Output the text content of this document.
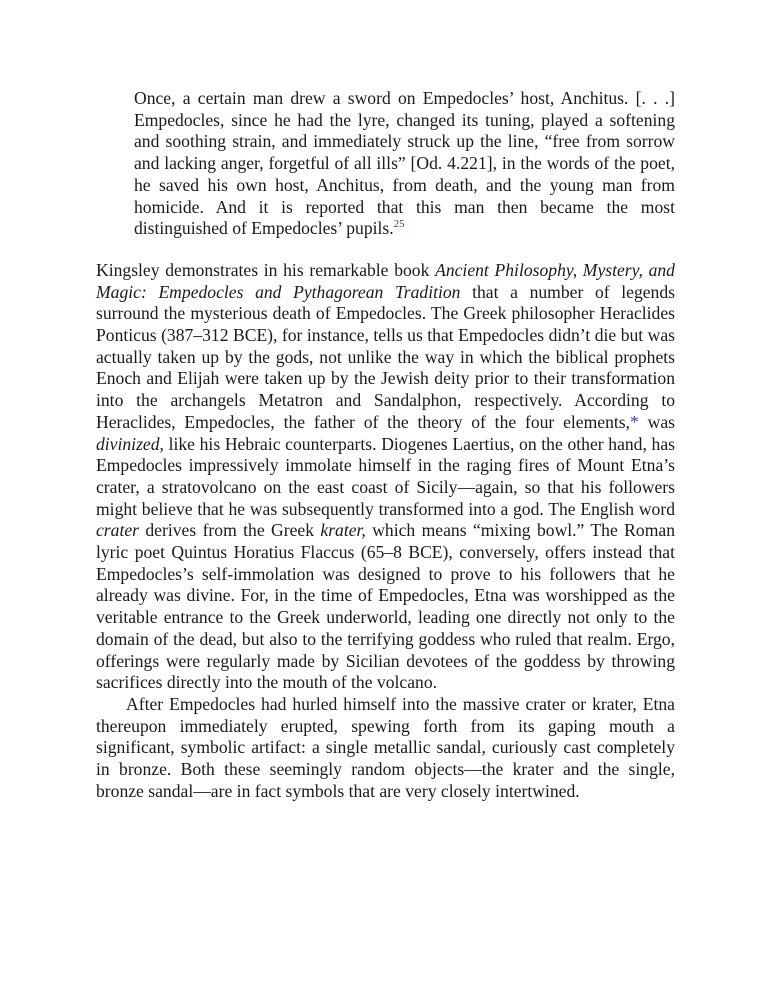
Once, a certain man drew a sword on Empedocles’ host, Anchitus. [. . .] Empedocles, since he had the lyre, changed its tuning, played a softening and soothing strain, and immediately struck up the line, “free from sorrow and lacking anger, forgetful of all ills” [Od. 4.221], in the words of the poet, he saved his own host, Anchitus, from death, and the young man from homicide. And it is reported that this man then became the most distinguished of Empedocles’ pupils.$^{25}$

Kingsley demonstrates in his remarkable book Ancient Philosophy, Mystery, and Magic: Empedocles and Pythagorean Tradition that a number of legends surround the mysterious death of Empedocles. The Greek philosopher Heraclides Ponticus (387–312 BCE), for instance, tells us that Empedocles didn’t die but was actually taken up by the gods, not unlike the way in which the biblical prophets Enoch and Elijah were taken up by the Jewish deity prior to their transformation into the archangels Metatron and Sandalphon, respectively. According to Heraclides, Empedocles, the father of the theory of the four elements,* was divinized, like his Hebraic counterparts. Diogenes Laertius, on the other hand, has Empedocles impressively immolate himself in the raging fires of Mount Etna’s crater, a stratovolcano on the east coast of Sicily—again, so that his followers might believe that he was subsequently transformed into a god. The English word crater derives from the Greek krater, which means “mixing bowl.” The Roman lyric poet Quintus Horatius Flaccus (65–8 BCE), conversely, offers instead that Empedocles’s self-immolation was designed to prove to his followers that he already was divine. For, in the time of Empedocles, Etna was worshipped as the veritable entrance to the Greek underworld, leading one directly not only to the domain of the dead, but also to the terrifying goddess who ruled that realm. Ergo, offerings were regularly made by Sicilian devotees of the goddess by throwing sacrifices directly into the mouth of the volcano.

After Empedocles had hurled himself into the massive crater or krater, Etna thereupon immediately erupted, spewing forth from its gaping mouth a significant, symbolic artifact: a single metallic sandal, curiously cast completely in bronze. Both these seemingly random objects—the krater and the single, bronze sandal—are in fact symbols that are very closely intertwined.
